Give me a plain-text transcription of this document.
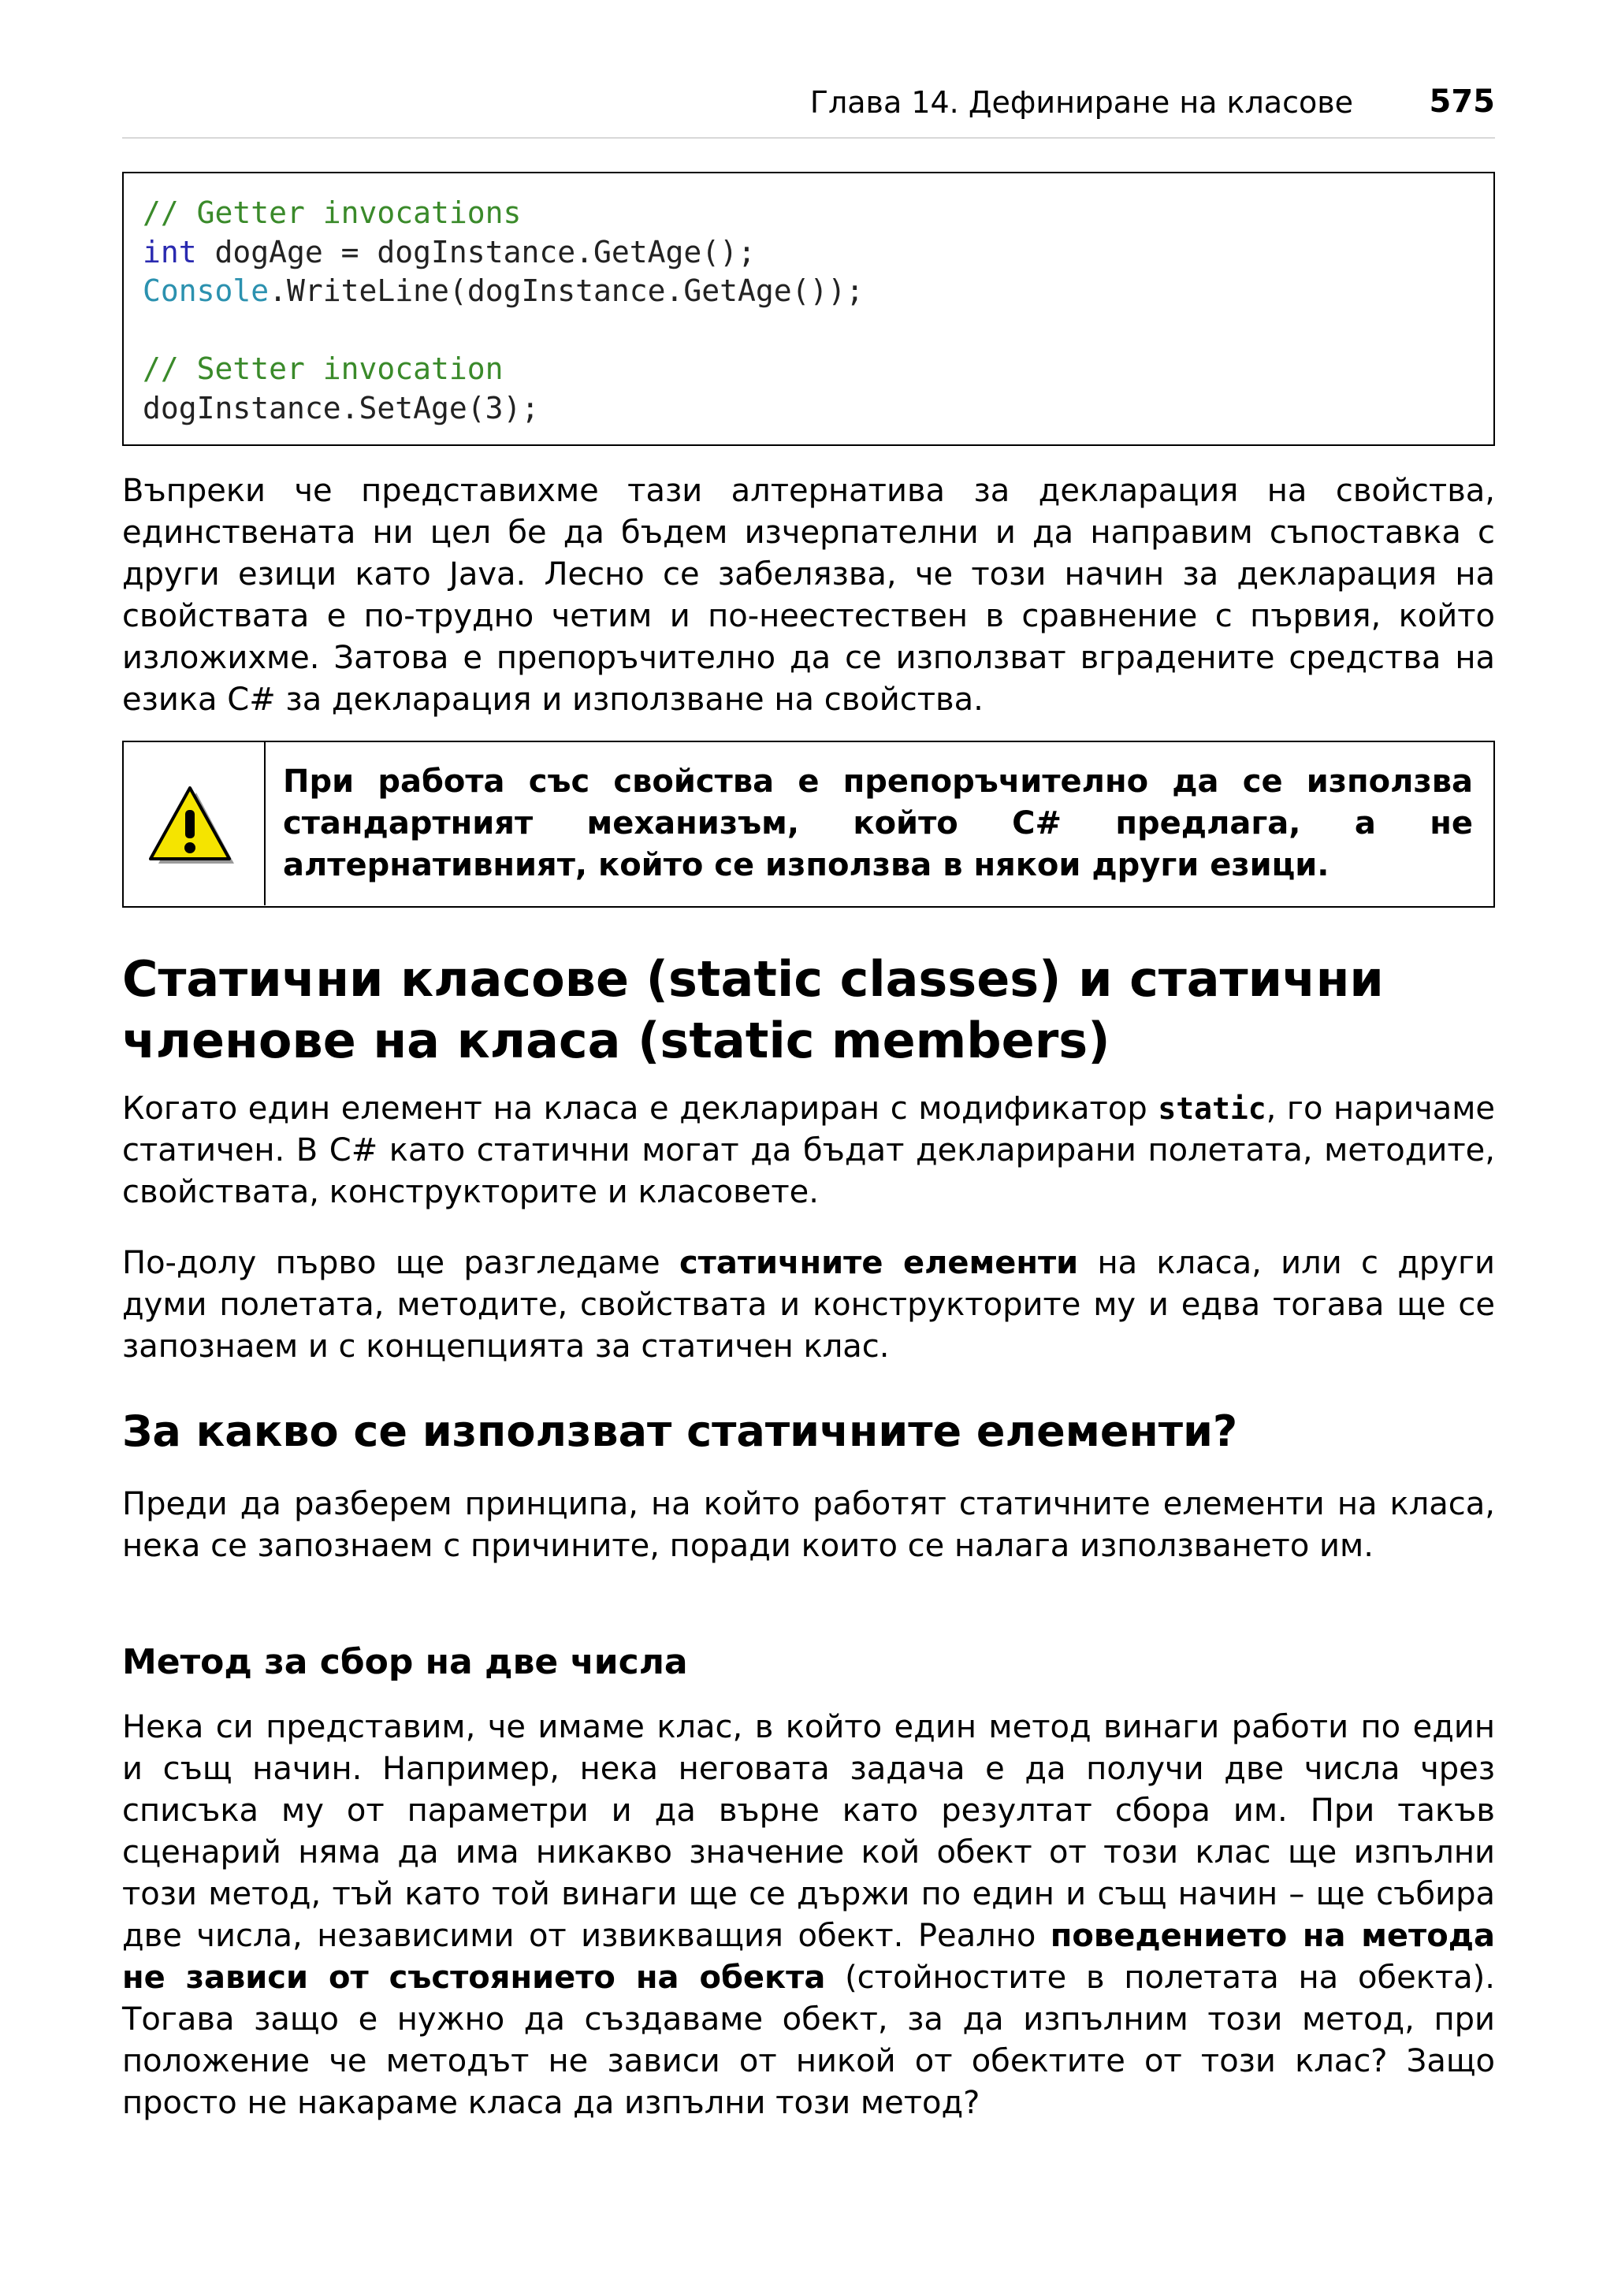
Глава 14. Дефиниране на класове 575
// Getter invocations
int dogAge = dogInstance.GetAge();
Console.WriteLine(dogInstance.GetAge());
// Setter invocation
dogInstance.SetAge(3);

Въпреки че представихме тази алтернатива за декларация на свойства, единствената ни цел бе да бъдем изчерпателни и да направим съпоставка с други езици като Java. Лесно се забелязва, че този начин за декларация на свойствата е по-трудно четим и по-неестествен в сравнение с първия, който изложихме. Затова е препоръчително да се използват вградените средства на езика C# за декларация и използване на свойства.

При работа със свойства е препоръчително да се използва стандартният механизъм, който C# предлага, а не алтернативният, който се използва в някои други езици.

Статични класове (static classes) и статични членове на класа (static members)

Когато един елемент на класа е деклариран с модификатор static, го наричаме статичен. В C# като статични могат да бъдат декларирани полетата, методите, свойствата, конструкторите и класовете.

По-долу първо ще разгледаме статичните елементи на класа, или с други думи полетата, методите, свойствата и конструкторите му и едва тогава ще се запознаем и с концепцията за статичен клас.

За какво се използват статичните елементи?

Преди да разберем принципа, на който работят статичните елементи на класа, нека се запознаем с причините, поради които се налага използването им.

Метод за сбор на две числа

Нека си представим, че имаме клас, в който един метод винаги работи по един и същ начин. Например, нека неговата задача е да получи две числа чрез списъка му от параметри и да върне като резултат сбора им. При такъв сценарий няма да има никакво значение кой обект от този клас ще изпълни този метод, тъй като той винаги ще се държи по един и същ начин – ще събира две числа, независими от извикващия обект. Реално поведението на метода не зависи от състоянието на обекта (стойностите в полетата на обекта). Тогава защо е нужно да създаваме обект, за да изпълним този метод, при положение че методът не зависи от никой от обектите от този клас? Защо просто не накараме класа да изпълни този метод?
